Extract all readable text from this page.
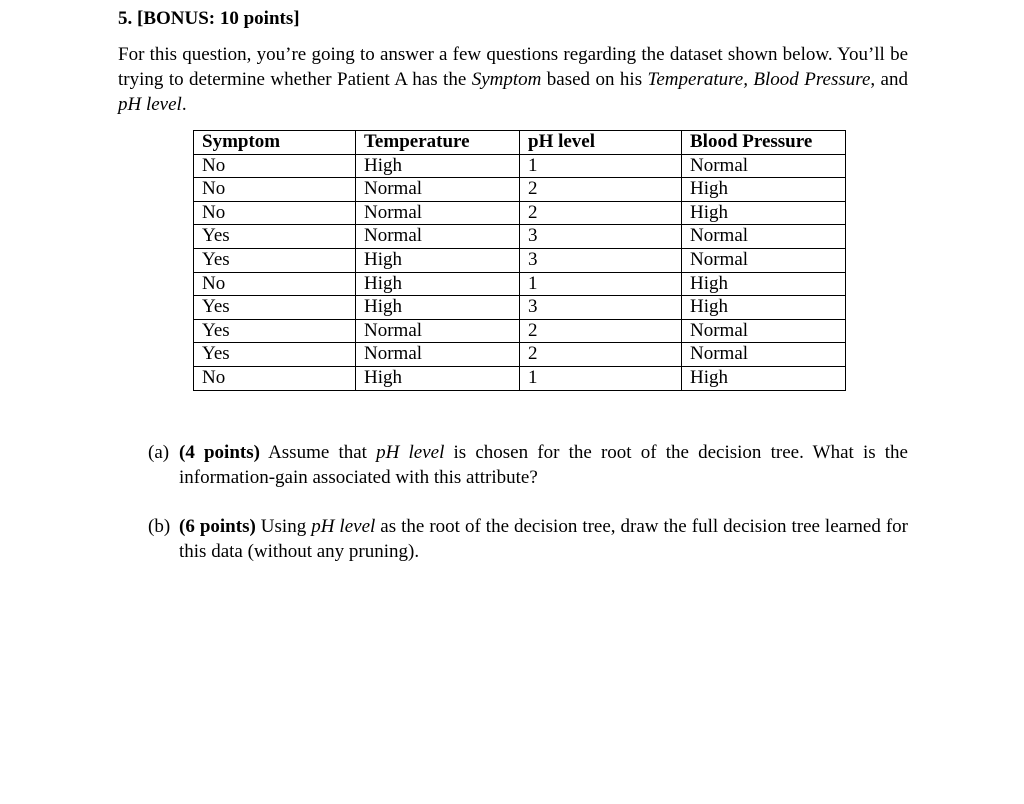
5. [BONUS: 10 points]

For this question, you’re going to answer a few questions regarding the dataset shown below. You’ll be trying to determine whether Patient A has the Symptom based on his Temperature, Blood Pressure, and pH level.

Symptom	Temperature	pH level	Blood Pressure
No	High	1	Normal
No	Normal	2	High
No	Normal	2	High
Yes	Normal	3	Normal
Yes	High	3	Normal
No	High	1	High
Yes	High	3	High
Yes	Normal	2	Normal
Yes	Normal	2	Normal
No	High	1	High
(a) (4 points) Assume that pH level is chosen for the root of the decision tree. What is the information-gain associated with this attribute?
(b) (6 points) Using pH level as the root of the decision tree, draw the full decision tree learned for this data (without any pruning).
